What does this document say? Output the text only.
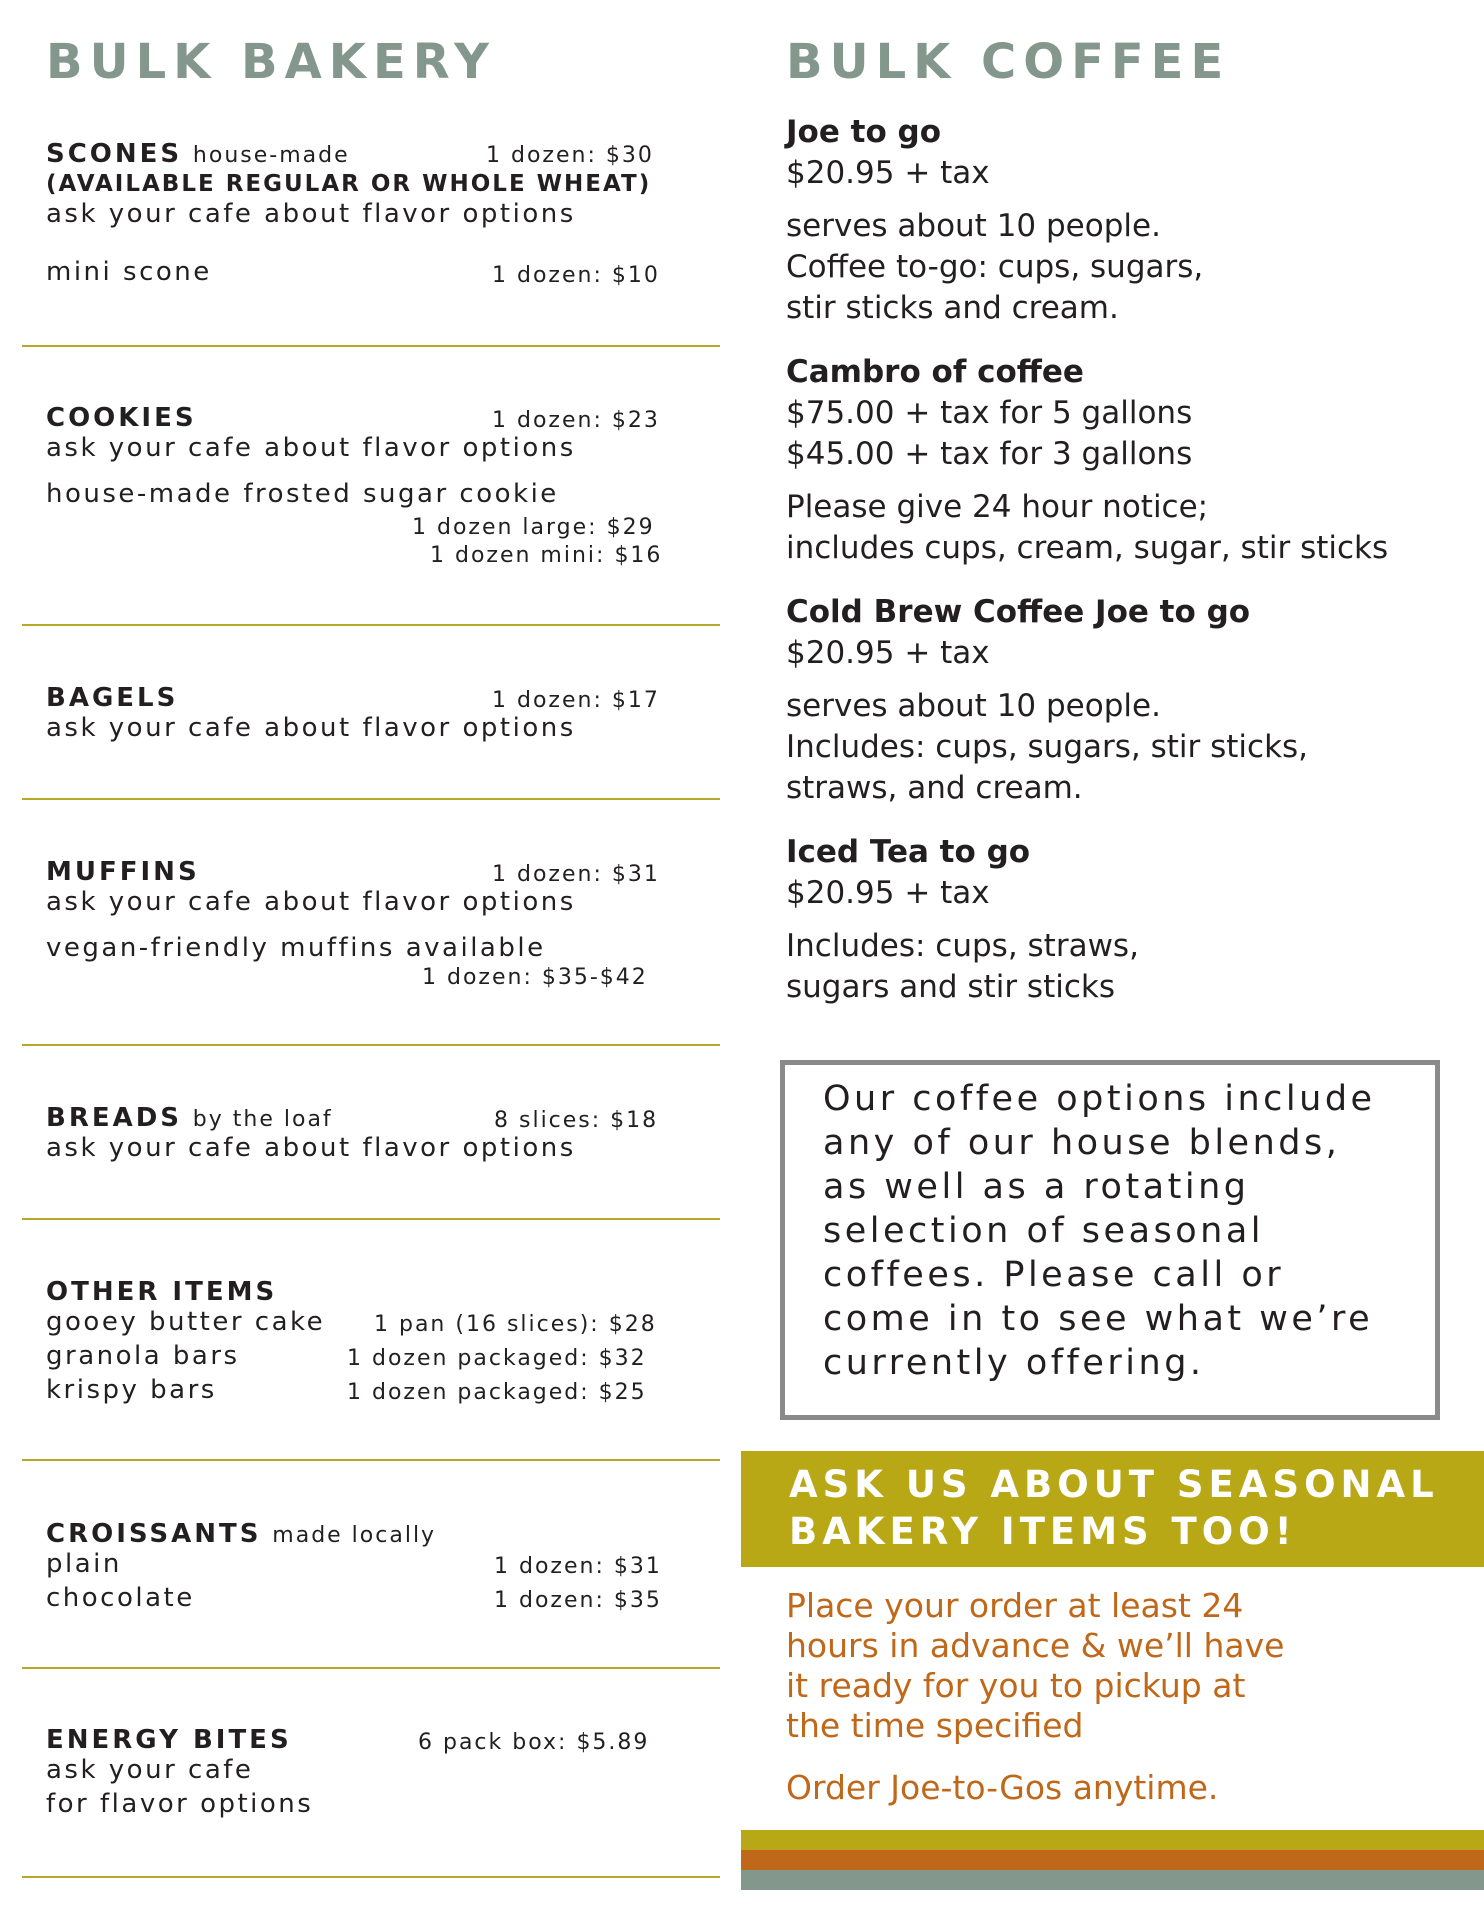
BULK BAKERY
SCONES house-made	1 dozen: $30
(AVAILABLE REGULAR OR WHOLE WHEAT)
ask your cafe about flavor options
mini scone	1 dozen: $10
COOKIES	1 dozen: $23
ask your cafe about flavor options
house-made frosted sugar cookie
1 dozen large: $29
1 dozen mini: $16
BAGELS	1 dozen: $17
ask your cafe about flavor options
MUFFINS	1 dozen: $31
ask your cafe about flavor options
vegan-friendly muffins available
1 dozen: $35-$42
BREADS by the loaf	8 slices: $18
ask your cafe about flavor options
OTHER ITEMS
gooey butter cake 1 pan (16 slices): $28
granola bars	1 dozen packaged: $32
krispy bars	1 dozen packaged: $25
CROISSANTS made locally
plain	1 dozen: $31
chocolate	1 dozen: $35
ENERGY BITES	6 pack box: $5.89
ask your cafe
for flavor options
BULK COFFEE
Joe to go
$20.95 + tax
serves about 10 people.
Coffee to-go: cups, sugars,
stir sticks and cream.
Cambro of coffee
$75.00 + tax for 5 gallons
$45.00 + tax for 3 gallons
Please give 24 hour notice;
includes cups, cream, sugar, stir sticks
Cold Brew Coffee Joe to go
$20.95 + tax
serves about 10 people.
Includes: cups, sugars, stir sticks,
straws, and cream.
Iced Tea to go
$20.95 + tax
Includes: cups, straws,
sugars and stir sticks
Our coffee options include
any of our house blends,
as well as a rotating
selection of seasonal
coffees. Please call or
come in to see what we’re
currently offering.
ASK US ABOUT SEASONAL
BAKERY ITEMS TOO!
Place your order at least 24
hours in advance & we’ll have
it ready for you to pickup at
the time specified
Order Joe-to-Gos anytime.
